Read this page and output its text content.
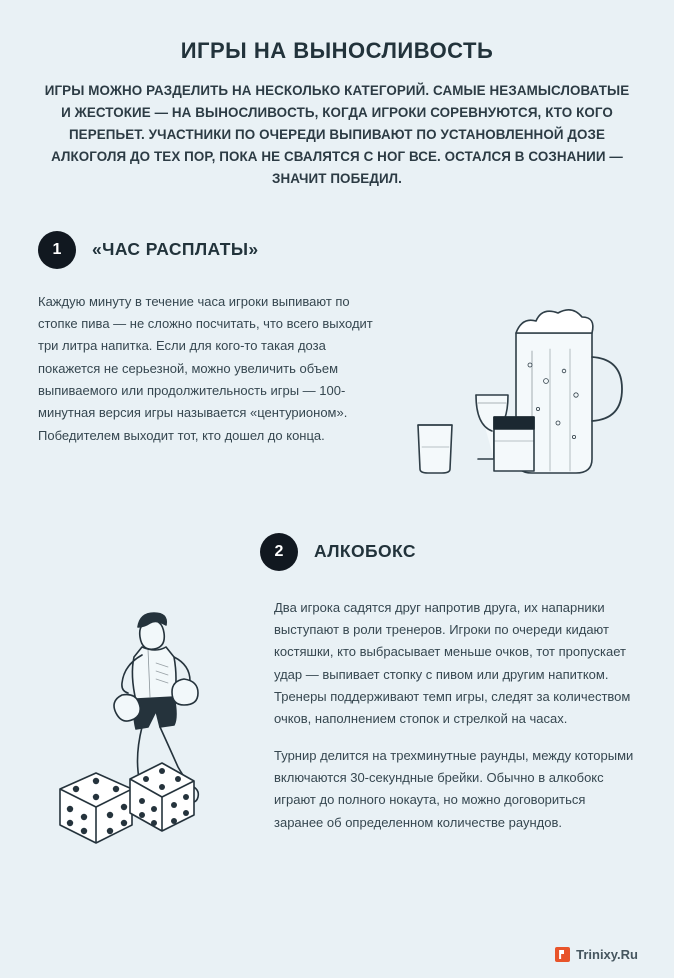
ИГРЫ НА ВЫНОСЛИВОСТЬ

ИГРЫ МОЖНО РАЗДЕЛИТЬ НА НЕСКОЛЬКО КАТЕГОРИЙ. САМЫЕ НЕЗАМЫСЛОВАТЫЕ И ЖЕСТОКИЕ — НА ВЫНОСЛИВОСТЬ, КОГДА ИГРОКИ СОРЕВНУЮТСЯ, КТО КОГО ПЕРЕПЬЕТ. УЧАСТНИКИ ПО ОЧЕРЕДИ ВЫПИВАЮТ ПО УСТАНОВЛЕННОЙ ДОЗЕ АЛКОГОЛЯ ДО ТЕХ ПОР, ПОКА НЕ СВАЛЯТСЯ С НОГ ВСЕ. ОСТАЛСЯ В СОЗНАНИИ — ЗНАЧИТ ПОБЕДИЛ.

1	«ЧАС РАСПЛАТЫ»

Каждую минуту в течение часа игроки выпивают по стопке пива — не сложно посчитать, что всего выходит три литра напитка. Если для кого-то такая доза покажется не серьезной, можно увеличить объем выпиваемого или продолжительность игры — 100-минутная версия игры называется «центурионом». Победителем выходит тот, кто дошел до конца.

2	АЛКОБОКС

Два игрока садятся друг напротив друга, их напарники выступают в роли тренеров. Игроки по очереди кидают костяшки, кто выбрасывает меньше очков, тот пропускает удар — выпивает стопку с пивом или другим напитком. Тренеры поддерживают темп игры, следят за количеством очков, наполнением стопок и стрелкой на часах.

Турнир делится на трехминутные раунды, между которыми включаются 30-секундные брейки. Обычно в алкобокс играют до полного нокаута, но можно договориться заранее об определенном количестве раундов.

Trinixy.Ru
